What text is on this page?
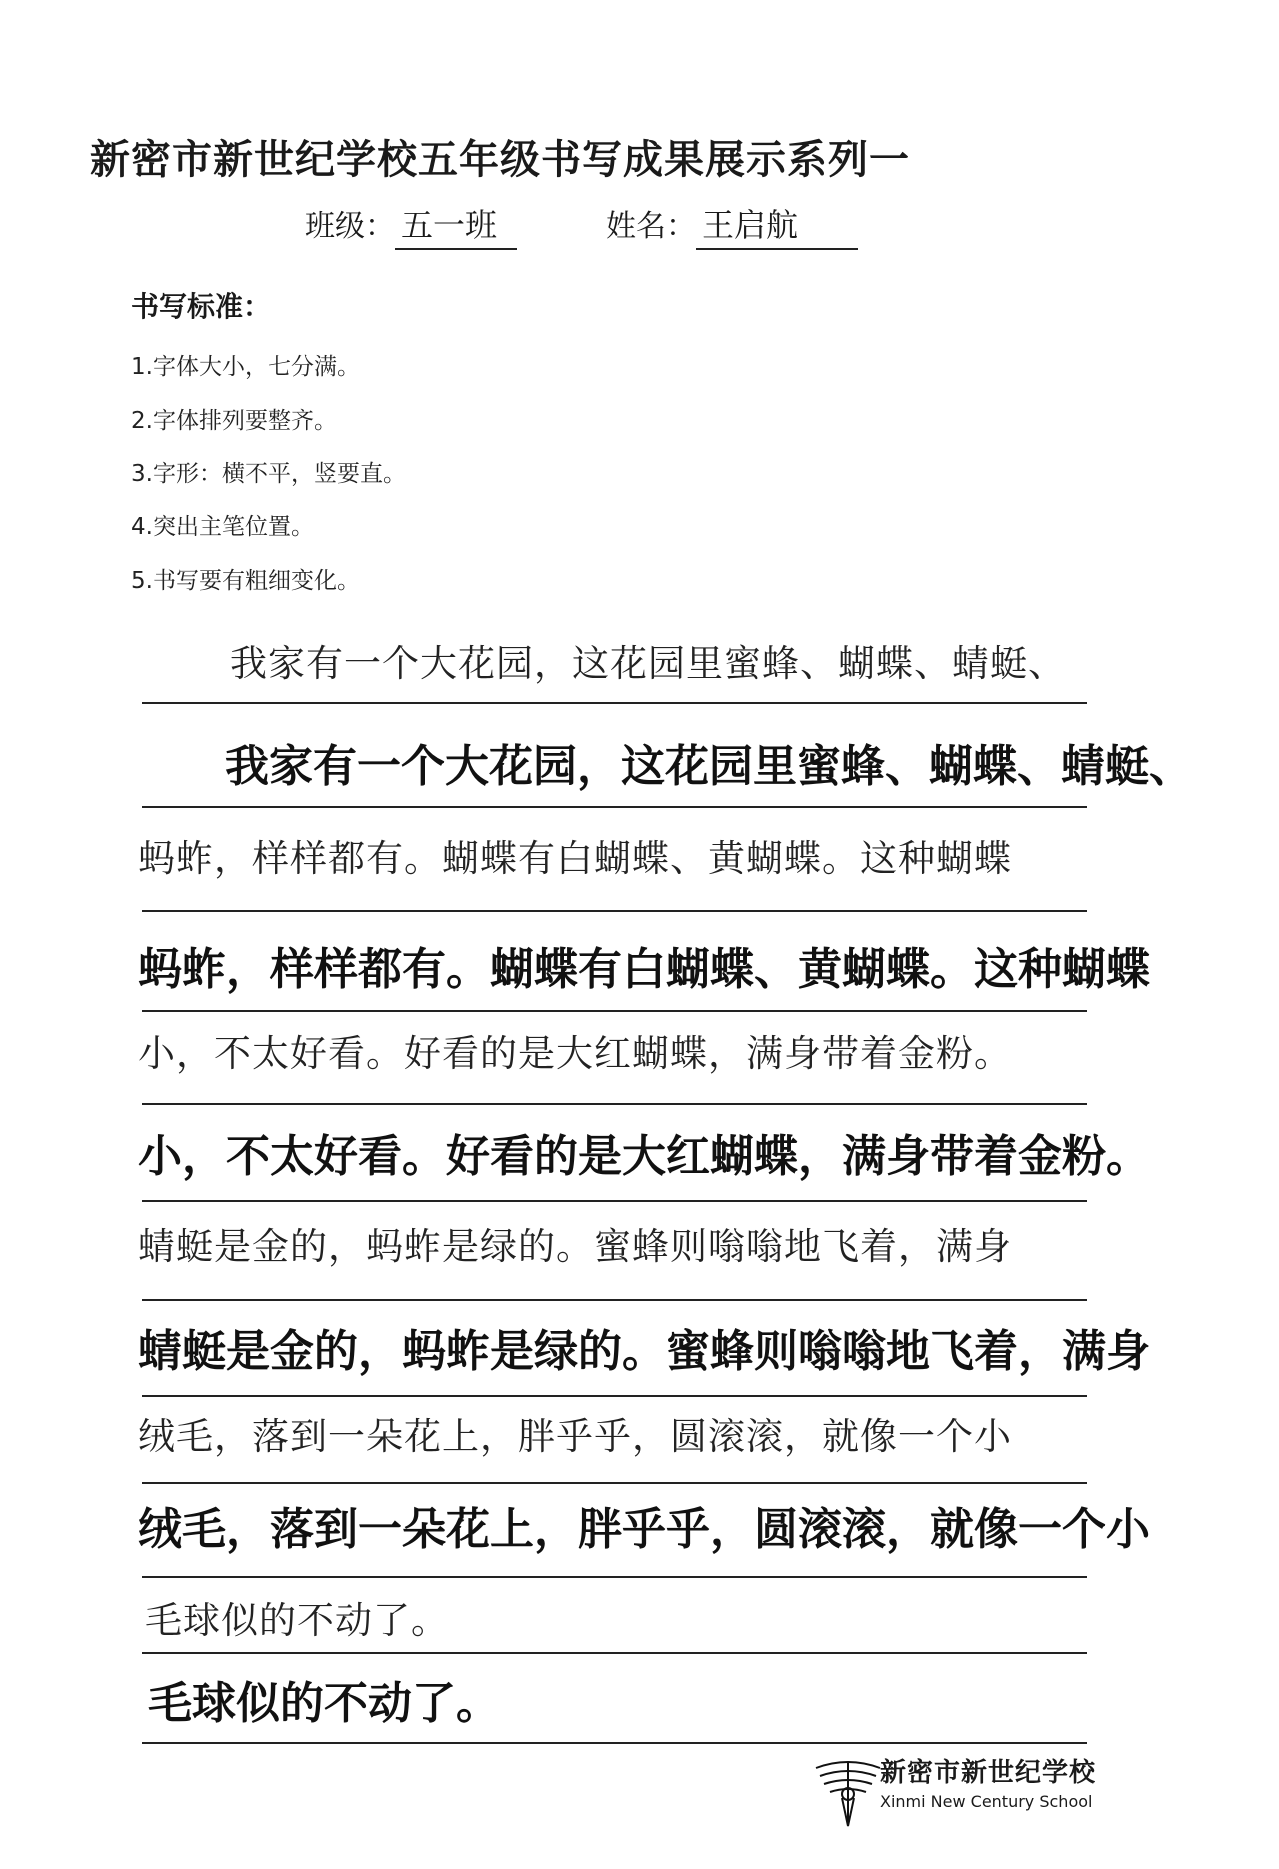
新密市新世纪学校五年级书写成果展示系列一
班级： 五一班	姓名： 王启航
书写标准：
1.字体大小，七分满。
2.字体排列要整齐。
3.字形：横不平，竖要直。
4.突出主笔位置。
5.书写要有粗细变化。
我家有一个大花园，这花园里蜜蜂、蝴蝶、蜻蜓、
我家有一个大花园，这花园里蜜蜂、蝴蝶、蜻蜓、
蚂蚱，样样都有。蝴蝶有白蝴蝶、黄蝴蝶。这种蝴蝶
蚂蚱，样样都有。蝴蝶有白蝴蝶、黄蝴蝶。这种蝴蝶
小，不太好看。好看的是大红蝴蝶，满身带着金粉。
小，不太好看。好看的是大红蝴蝶，满身带着金粉。
蜻蜓是金的，蚂蚱是绿的。蜜蜂则嗡嗡地飞着，满身
蜻蜓是金的，蚂蚱是绿的。蜜蜂则嗡嗡地飞着，满身
绒毛，落到一朵花上，胖乎乎，圆滚滚，就像一个小
绒毛，落到一朵花上，胖乎乎，圆滚滚，就像一个小
毛球似的不动了。
毛球似的不动了。
新密市新世纪学校
Xinmi New Century School
